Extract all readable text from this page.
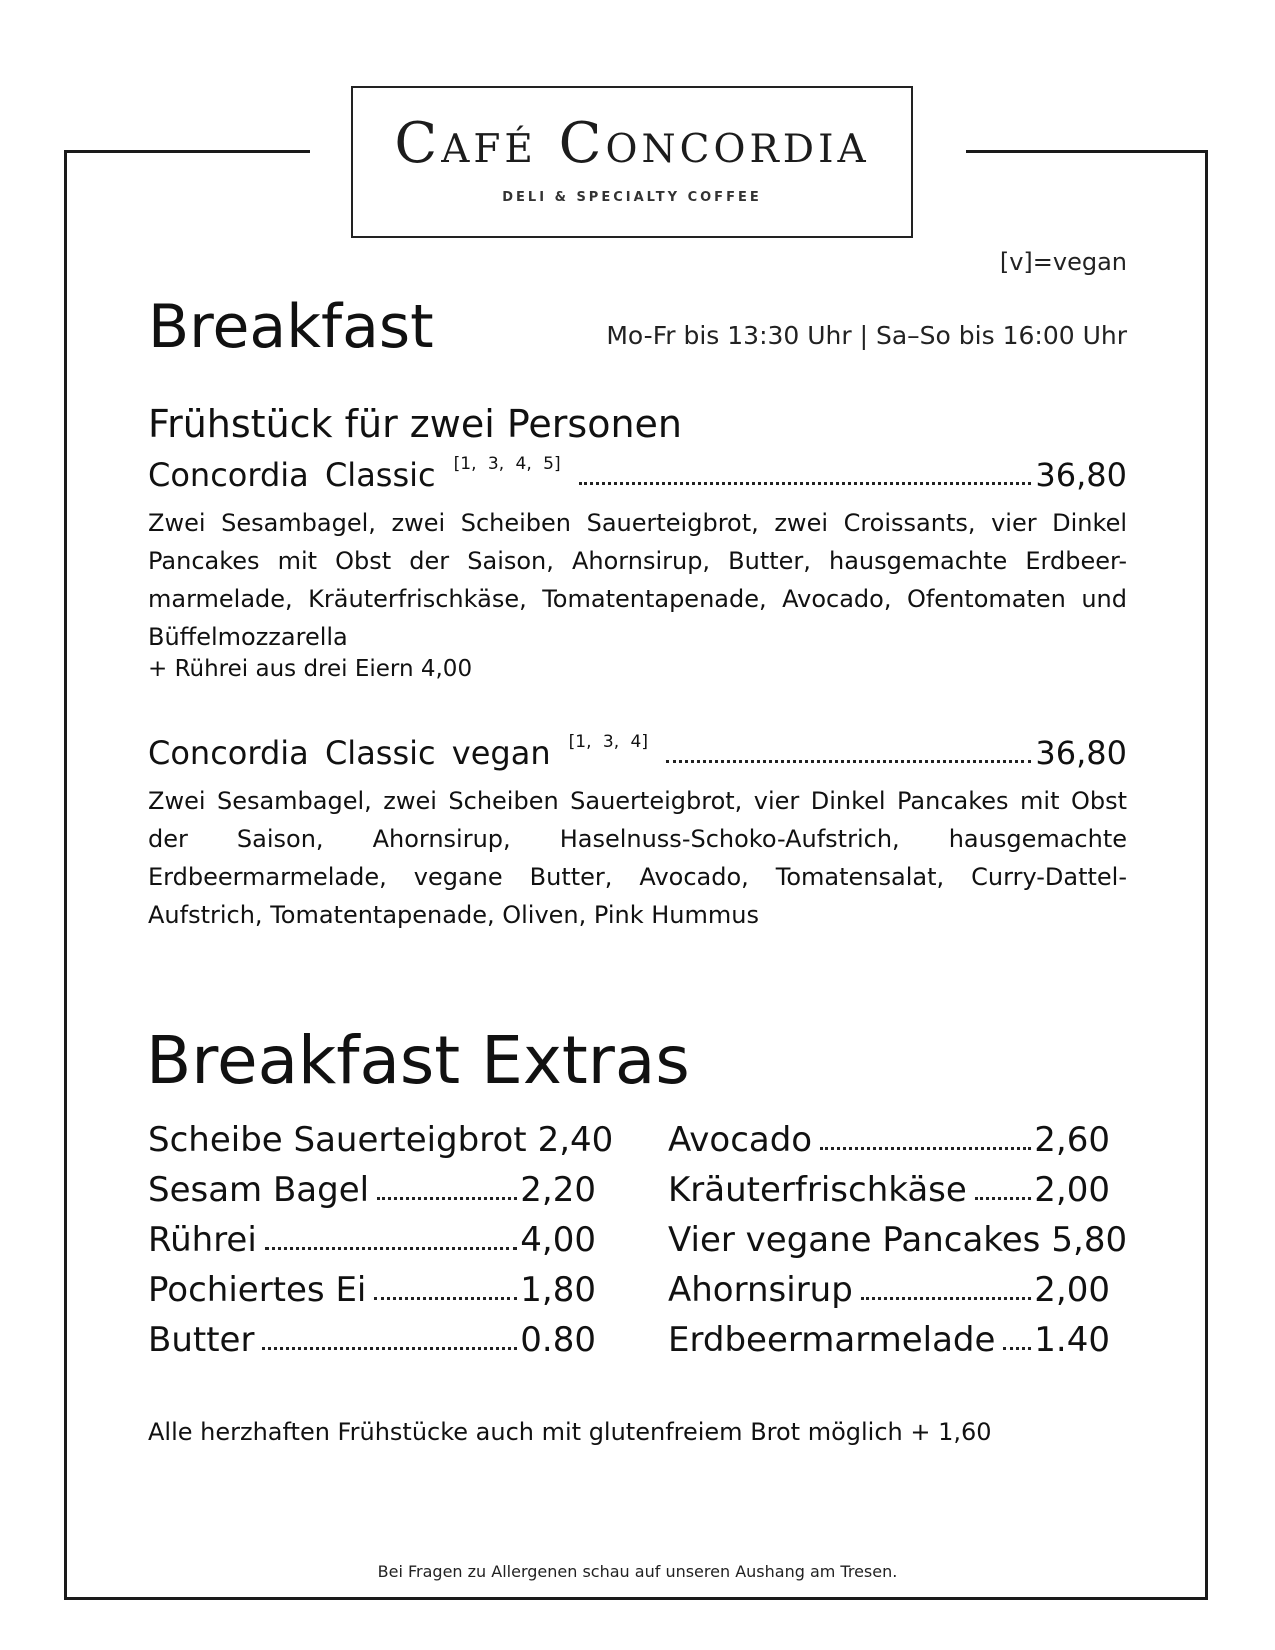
Café Concordia
DELI & SPECIALTY COFFEE
[v]=vegan
Breakfast	Mo-Fr bis 13:30 Uhr | Sa–So bis 16:00 Uhr
Frühstück für zwei Personen
Concordia Classic [1, 3, 4, 5]	36,80

Zwei Sesambagel, zwei Scheiben Sauerteigbrot, zwei Croissants, vier Dinkel Pancakes mit Obst der Saison, Ahornsirup, Butter, hausgemachte Erdbeer-marmelade, Kräuterfrischkäse, Tomatentapenade, Avocado, Ofentomaten und Büffelmozzarella

+ Rührei aus drei Eiern 4,00
Concordia Classic vegan [1, 3, 4]	36,80

Zwei Sesambagel, zwei Scheiben Sauerteigbrot, vier Dinkel Pancakes mit Obst der Saison, Ahornsirup, Haselnuss-Schoko-Aufstrich, hausgemachte Erdbeermarmelade, vegane Butter, Avocado, Tomatensalat, Curry-Dattel-Aufstrich, Tomatentapenade, Oliven, Pink Hummus

Breakfast Extras
Scheibe Sauerteigbrot 2,40
Sesam Bagel	2,20
Rührei	4,00
Pochiertes Ei	1,80
Butter	0.80
Avocado	2,60
Kräuterfrischkäse 2,00
Vier vegane Pancakes 5,80
Ahornsirup	2,00
Erdbeermarmelade 1.40
Alle herzhaften Frühstücke auch mit glutenfreiem Brot möglich + 1,60
Bei Fragen zu Allergenen schau auf unseren Aushang am Tresen.
